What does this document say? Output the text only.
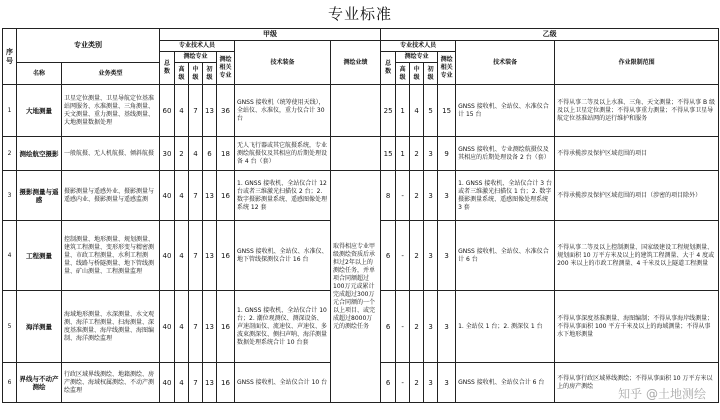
专业标准
序号	专业类别		甲级							乙级						
			专业技术人员					技术装备	测绘业绩	专业技术人员					技术装备	作业限制范围
			总数	测绘专业			测绘相关专业			总数	测绘专业			测绘相关专业		
	名称	业务类型		高级	中级	初级					高级	中级	初级			
1	大地测量	卫星定位测量、卫星导航定位基准站网服务、水准测量、三角测量、天文测量、重力测量、基线测量、大地测量数据处理	60	4	7	13	36	GNSS 接收机（统筹使用天线），全站仪、水准仪，重力仪合计 30 台		25	1	4	5	15	GNSS 接收机、全站仪、水准仪合计 15 台	不得从事二等及以上水准、三角、天文测量；不得从事 B 级及以上卫星定位测量；不得从事重力测量；不得从事卫星导航定位基准站网的运行维护和服务
2	测绘航空摄影	一般航摄、无人机航摄、倾斜航摄	30	2	4	6	18	无人飞行器或其它航摄系统，专业测绘航摄仪及其相应的后期处理设备 4 台（套）		15	1	2	3	9	GNSS 接收机、专业测绘航摄仪及其相应的后期处理设备 2 台（套）	不得承揽涉及保护区域范围的项目
3	摄影测量与遥感	摄影测量与遥感外业、摄影测量与遥感内业、摄影测量与遥感监测	40	4	7	13	16	1. GNSS 接收机、全站仪合计 12 台或者三维激光扫描仪 2 台；2. 数字摄影测量系统、遥感图像处理系统 12 套	取得相应专业甲级测绘资质后承担过2年以上的测绘任务，并单项合同额超过100万元或累计完成超过300万元合同额的一个以上项目、或完成超过8000万元的测绘任务	8	-	2	3	3	1. GNSS 接收机、全站仪合计 3 台或者三维激光扫描仪 1 台；2. 数字摄影测量系统、遥感图像处理系统 3 套	不得承揽涉及保护区域范围的项目（涉密的项目除外）
4	工程测量	控制测量、地形测量、规划测量、建筑工程测量、变形形变与精密测量、市政工程测量、水利工程测量、线路与桥隧测量、地下管线测量、矿山测量、工程测量监理	40	4	7	13	16	GNSS 接收机、全站仪、水准仪、地下管线探测仪合计 16 台		6	-	2	3	3	GNSS 接收机、全站仪、水准仪合计 6 台	不得从事二等及以上控制测量、国家级建设工程规划测量、规划面积 10 万平方米及以上的建筑工程测量、大于 4 度或 200 米以上的市政工程测量、4 千米及以上隧道工程测量
5	海洋测量	海域地形测量、水深测量、水文观测、海洋工程测量、扫海测量、深度基准测量、海岸线测量、海图编制、海洋测绘监理	40	4	7	13	16	1. GNSS 接收机、全站仪合计 10 台；2. 潮位观测仪、测深设备、声速剖面仪、流速仪、声速仪、多波束测深仪、侧扫声呐、海洋测量数据处理系统合计 10 台套		6	-	2	3	3	1. 全站仪 1 台；2. 测深仪 1 台	不得从事深度基准测量、海图编制；不得从事海岸线测量；不得从事面积 100 平方千米及以上的海域测量；不得从事水下地形测量
6	界线与不动产测绘	行政区域界线测绘、地籍测绘、房产测绘、海域权属测绘、不动产测绘监理	40	4	7	13	16	GNSS 接收机、全站仪合计 10 台		6	-	2	3	3	GNSS 接收机、全站仪合计 6 台	不得从事行政区域界线测绘；不得从事面积 10 万平方米以上的房产测绘
知乎 @土地测绘
